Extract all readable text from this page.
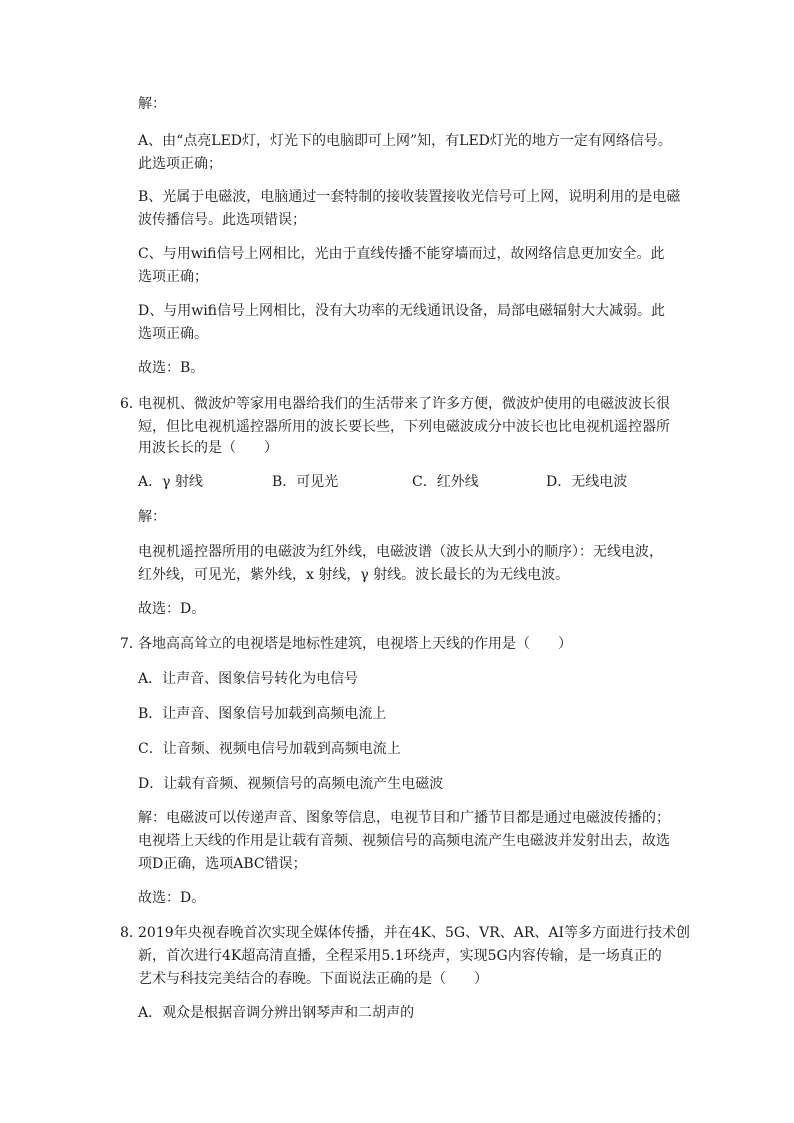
解：

A、由“点亮LED灯，灯光下的电脑即可上网”知，有LED灯光的地方一定有网络信号。

此选项正确；

B、光属于电磁波，电脑通过一套特制的接收装置接收光信号可上网，说明利用的是电磁

波传播信号。此选项错误；

C、与用wifi信号上网相比，光由于直线传播不能穿墙而过，故网络信息更加安全。此

选项正确；

D、与用wifi信号上网相比，没有大功率的无线通讯设备，局部电磁辐射大大减弱。此

选项正确。

故选：B。

6．

电视机、微波炉等家用电器给我们的生活带来了许多方便，微波炉使用的电磁波波长很

短，但比电视机遥控器所用的波长要长些，下列电磁波成分中波长也比电视机遥控器所

用波长长的是（　　）

A．γ 射线	B．可见光	C．红外线	D．无线电波

解：

电视机遥控器所用的电磁波为红外线，电磁波谱（波长从大到小的顺序）：无线电波，

红外线，可见光，紫外线，x 射线，γ 射线。波长最长的为无线电波。

故选：D。

7．

各地高高耸立的电视塔是地标性建筑，电视塔上天线的作用是（　　）

A．让声音、图象信号转化为电信号

B．让声音、图象信号加载到高频电流上

C．让音频、视频电信号加载到高频电流上

D．让载有音频、视频信号的高频电流产生电磁波

解：电磁波可以传递声音、图象等信息，电视节目和广播节目都是通过电磁波传播的；

电视塔上天线的作用是让载有音频、视频信号的高频电流产生电磁波并发射出去，故选

项D正确，选项ABC错误；

故选：D。

8．

2019年央视春晚首次实现全媒体传播，并在4K、5G、VR、AR、AI等多方面进行技术创

新，首次进行4K超高清直播，全程采用5.1环绕声，实现5G内容传输，是一场真正的

艺术与科技完美结合的春晚。下面说法正确的是（　　）

A．观众是根据音调分辨出钢琴声和二胡声的
